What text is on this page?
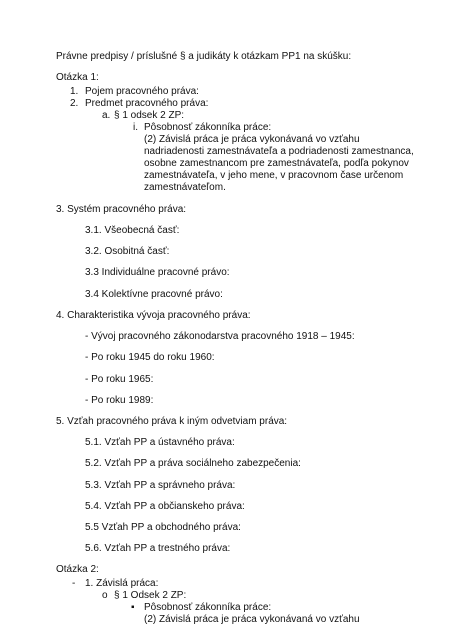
Právne predpisy / príslušné § a judikáty k otázkam PP1 na skúšku:
Otázka 1:
1. Pojem pracovného práva:
2. Predmet pracovného práva:
a. § 1 odsek 2 ZP:
i. Pôsobnosť zákonníka práce:
(2) Závislá práca je práca vykonávaná vo vzťahu
nadriadenosti zamestnávateľa a podriadenosti zamestnanca,
osobne zamestnancom pre zamestnávateľa, podľa pokynov
zamestnávateľa, v jeho mene, v pracovnom čase určenom
zamestnávateľom.
3. Systém pracovného práva:
3.1. Všeobecná časť:
3.2. Osobitná časť:
3.3 Individuálne pracovné právo:
3.4 Kolektívne pracovné právo:
4. Charakteristika vývoja pracovného práva:
- Vývoj pracovného zákonodarstva pracovného 1918 – 1945:
- Po roku 1945 do roku 1960:
- Po roku 1965:
- Po roku 1989:
5. Vzťah pracovného práva k iným odvetviam práva:
5.1. Vzťah PP a ústavného práva:
5.2. Vzťah PP a práva sociálneho zabezpečenia:
5.3. Vzťah PP a správneho práva:
5.4. Vzťah PP a občianskeho práva:
5.5 Vzťah PP a obchodného práva:
5.6. Vzťah PP a trestného práva:
Otázka 2:
- 1. Závislá práca:
o § 1 Odsek 2 ZP:
▪ Pôsobnosť zákonníka práce:
(2) Závislá práca je práca vykonávaná vo vzťahu
